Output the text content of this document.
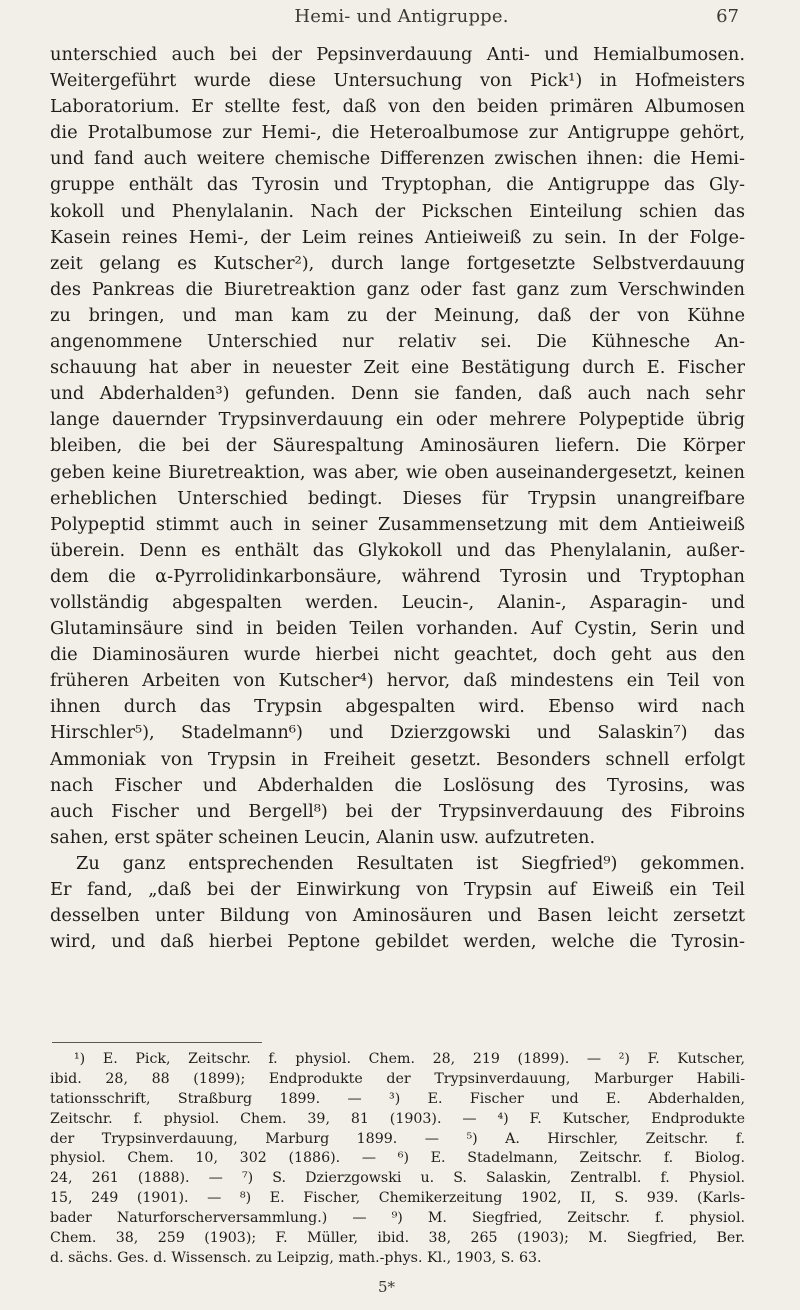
Hemi- und Antigruppe.	67
unterschied auch bei der Pepsinverdauung Anti- und Hemialbumosen.
Weitergeführt wurde diese Untersuchung von Pick¹) in Hofmeisters
Laboratorium. Er stellte fest, daß von den beiden primären Albumosen
die Protalbumose zur Hemi-, die Heteroalbumose zur Antigruppe gehört,
und fand auch weitere chemische Differenzen zwischen ihnen: die Hemi-
gruppe enthält das Tyrosin und Tryptophan, die Antigruppe das Gly-
kokoll und Phenylalanin. Nach der Pickschen Einteilung schien das
Kasein reines Hemi-, der Leim reines Antieiweiß zu sein. In der Folge-
zeit gelang es Kutscher²), durch lange fortgesetzte Selbstverdauung
des Pankreas die Biuretreaktion ganz oder fast ganz zum Verschwinden
zu bringen, und man kam zu der Meinung, daß der von Kühne
angenommene Unterschied nur relativ sei. Die Kühnesche An-
schauung hat aber in neuester Zeit eine Bestätigung durch E. Fischer
und Abderhalden³) gefunden. Denn sie fanden, daß auch nach sehr
lange dauernder Trypsinverdauung ein oder mehrere Polypeptide übrig
bleiben, die bei der Säurespaltung Aminosäuren liefern. Die Körper
geben keine Biuretreaktion, was aber, wie oben auseinandergesetzt, keinen
erheblichen Unterschied bedingt. Dieses für Trypsin unangreifbare
Polypeptid stimmt auch in seiner Zusammensetzung mit dem Antieiweiß
überein. Denn es enthält das Glykokoll und das Phenylalanin, außer-
dem die α-Pyrrolidinkarbonsäure, während Tyrosin und Tryptophan
vollständig abgespalten werden. Leucin-, Alanin-, Asparagin- und
Glutaminsäure sind in beiden Teilen vorhanden. Auf Cystin, Serin und
die Diaminosäuren wurde hierbei nicht geachtet, doch geht aus den
früheren Arbeiten von Kutscher⁴) hervor, daß mindestens ein Teil von
ihnen durch das Trypsin abgespalten wird. Ebenso wird nach
Hirschler⁵), Stadelmann⁶) und Dzierzgowski und Salaskin⁷) das
Ammoniak von Trypsin in Freiheit gesetzt. Besonders schnell erfolgt
nach Fischer und Abderhalden die Loslösung des Tyrosins, was
auch Fischer und Bergell⁸) bei der Trypsinverdauung des Fibroins
sahen, erst später scheinen Leucin, Alanin usw. aufzutreten.
Zu ganz entsprechenden Resultaten ist Siegfried⁹) gekommen.
Er fand, „daß bei der Einwirkung von Trypsin auf Eiweiß ein Teil
desselben unter Bildung von Aminosäuren und Basen leicht zersetzt
wird, und daß hierbei Peptone gebildet werden, welche die Tyrosin-
¹) E. Pick, Zeitschr. f. physiol. Chem. 28, 219 (1899). — ²) F. Kutscher,
ibid. 28, 88 (1899); Endprodukte der Trypsinverdauung, Marburger Habili-
tationsschrift, Straßburg 1899. — ³) E. Fischer und E. Abderhalden,
Zeitschr. f. physiol. Chem. 39, 81 (1903). — ⁴) F. Kutscher, Endprodukte
der Trypsinverdauung, Marburg 1899. — ⁵) A. Hirschler, Zeitschr. f.
physiol. Chem. 10, 302 (1886). — ⁶) E. Stadelmann, Zeitschr. f. Biolog.
24, 261 (1888). — ⁷) S. Dzierzgowski u. S. Salaskin, Zentralbl. f. Physiol.
15, 249 (1901). — ⁸) E. Fischer, Chemikerzeitung 1902, II, S. 939. (Karls-
bader Naturforscherversammlung.) — ⁹) M. Siegfried, Zeitschr. f. physiol.
Chem. 38, 259 (1903); F. Müller, ibid. 38, 265 (1903); M. Siegfried, Ber.
d. sächs. Ges. d. Wissensch. zu Leipzig, math.-phys. Kl., 1903, S. 63.
5*
